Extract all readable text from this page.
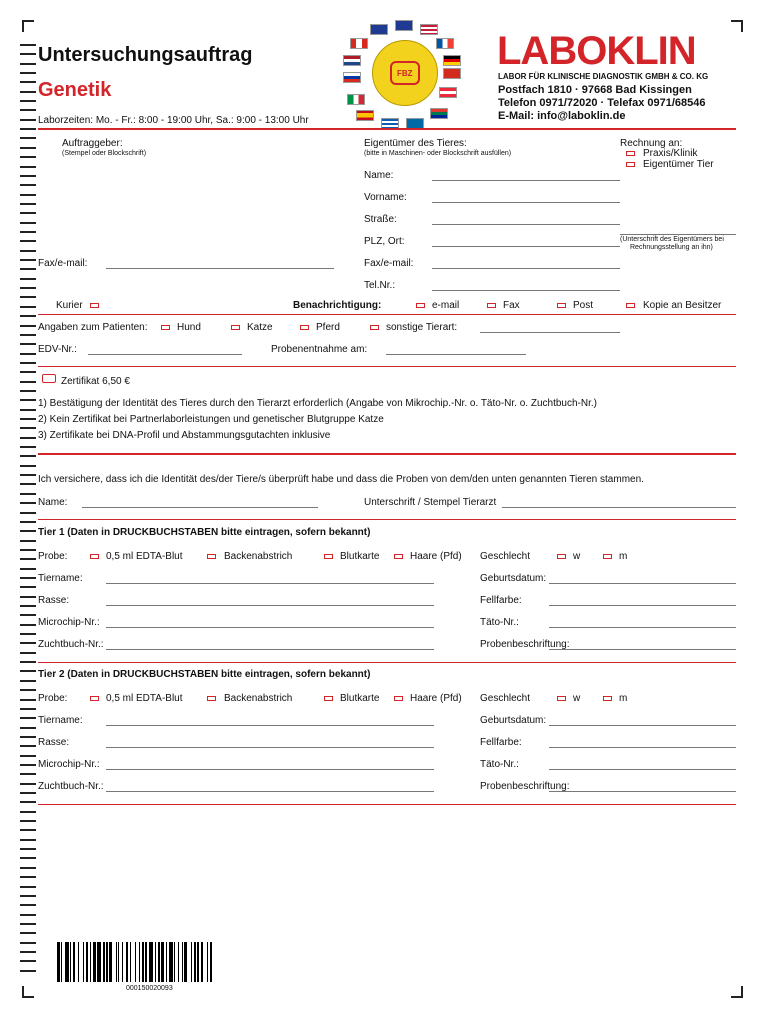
Untersuchungsauftrag
Genetik
Laborzeiten: Mo. - Fr.: 8:00 - 19:00 Uhr, Sa.: 9:00 - 13:00 Uhr
FBZ
LABOKLIN
LABOR FÜR KLINISCHE DIAGNOSTIK GMBH & CO. KG
Postfach 1810 · 97668 Bad Kissingen
Telefon 0971/72020 · Telefax 0971/68546
E-Mail: info@laboklin.de
Auftraggeber:
(Stempel oder Blockschrift)
Eigentümer des Tieres:
(bitte in Maschinen- oder Blockschrift ausfüllen)
Rechnung an:
Praxis/Klinik
Eigentümer Tier
Name:
Vorname:
Straße:
PLZ, Ort:	(Unterschrift des Eigentümers bei
Rechnungsstellung an ihn)
Fax/e-mail:	Fax/e-mail:
Tel.Nr.:
Kurier	Benachrichtigung:	e-mail	Fax	Post	Kopie an Besitzer
Angaben zum Patienten:	Hund	Katze	Pferd	sonstige Tierart:
EDV-Nr.:	Probenentnahme am:
Zertifikat 6,50 €
1) Bestätigung der Identität des Tieres durch den Tierarzt erforderlich (Angabe von Mikrochip.-Nr. o. Täto-Nr. o. Zuchtbuch-Nr.)
2) Kein Zertifikat bei Partnerlaborleistungen und genetischer Blutgruppe Katze
3) Zertifikate bei DNA-Profil und Abstammungsgutachten inklusive
Ich versichere, dass ich die Identität des/der Tiere/s überprüft habe und dass die Proben von dem/den unten genannten Tieren stammen.
Name:	Unterschrift / Stempel Tierarzt
Tier 1 (Daten in DRUCKBUCHSTABEN bitte eintragen, sofern bekannt)
Probe:	0,5 ml EDTA-Blut	Backenabstrich	Blutkarte	Haare (Pfd) Geschlecht	w	m
Tiername:	Geburtsdatum:
Rasse:	Fellfarbe:
Microchip-Nr.:	Täto-Nr.:
Zuchtbuch-Nr.:	Probenbeschriftung:
Tier 2 (Daten in DRUCKBUCHSTABEN bitte eintragen, sofern bekannt)
Probe:	0,5 ml EDTA-Blut	Backenabstrich	Blutkarte	Haare (Pfd) Geschlecht	w	m
Tiername:	Geburtsdatum:
Rasse:	Fellfarbe:
Microchip-Nr.:	Täto-Nr.:
Zuchtbuch-Nr.:	Probenbeschriftung:
000150020093
